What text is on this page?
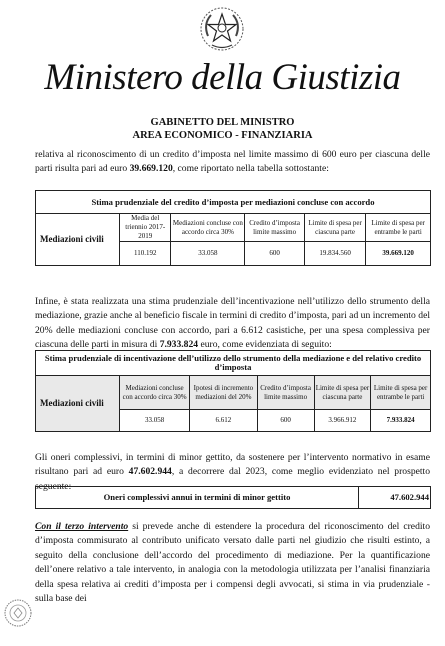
Ministero della Giustizia
GABINETTO DEL MINISTRO
AREA ECONOMICO - FINANZIARIA
relativa al riconoscimento di un credito d’imposta nel limite massimo di 600 euro per ciascuna delle parti risulta pari ad euro 39.669.120, come riportato nella tabella sottostante:
Stima prudenziale del credito d’imposta per mediazioni concluse con accordo					
Mediazioni civili	Media del triennio 2017-2019	Mediazioni concluse con accordo circa 30%	Credito d’imposta limite massimo	Limite di spesa per ciascuna parte	Limite di spesa per entrambe le parti
	110.192	33.058	600	19.834.560	39.669.120
Infine, è stata realizzata una stima prudenziale dell’incentivazione nell’utilizzo dello strumento della mediazione, grazie anche al beneficio fiscale in termini di credito d’imposta, pari ad un incremento del 20% delle mediazioni concluse con accordo, pari a 6.612 casistiche, per una spesa complessiva per ciascuna delle parti in misura di 7.933.824 euro, come evidenziata di seguito:
Stima prudenziale di incentivazione dell’utilizzo dello strumento della mediazione e del relativo credito d’imposta					
Mediazioni civili	Mediazioni concluse con accordo circa 30%	Ipotesi di incremento mediazioni del 20%	Credito d’imposta limite massimo	Limite di spesa per ciascuna parte	Limite di spesa per entrambe le parti
	33.058	6.612	600	3.966.912	7.933.824
Gli oneri complessivi, in termini di minor gettito, da sostenere per l’intervento normativo in esame risultano pari ad euro 47.602.944, a decorrere dal 2023, come meglio evidenziato nel prospetto seguente:
Oneri complessivi annui in termini di minor gettito	47.602.944
Con il terzo intervento si prevede anche di estendere la procedura del riconoscimento del credito d’imposta commisurato al contributo unificato versato dalle parti nel giudizio che risulti estinto, a seguito della conclusione dell’accordo del procedimento di mediazione. Per la quantificazione dell’onere relativo a tale intervento, in analogia con la metodologia utilizzata per l’analisi finanziaria della spesa relativa ai crediti d’imposta per i compensi degli avvocati, si stima in via prudenziale - sulla base dei
